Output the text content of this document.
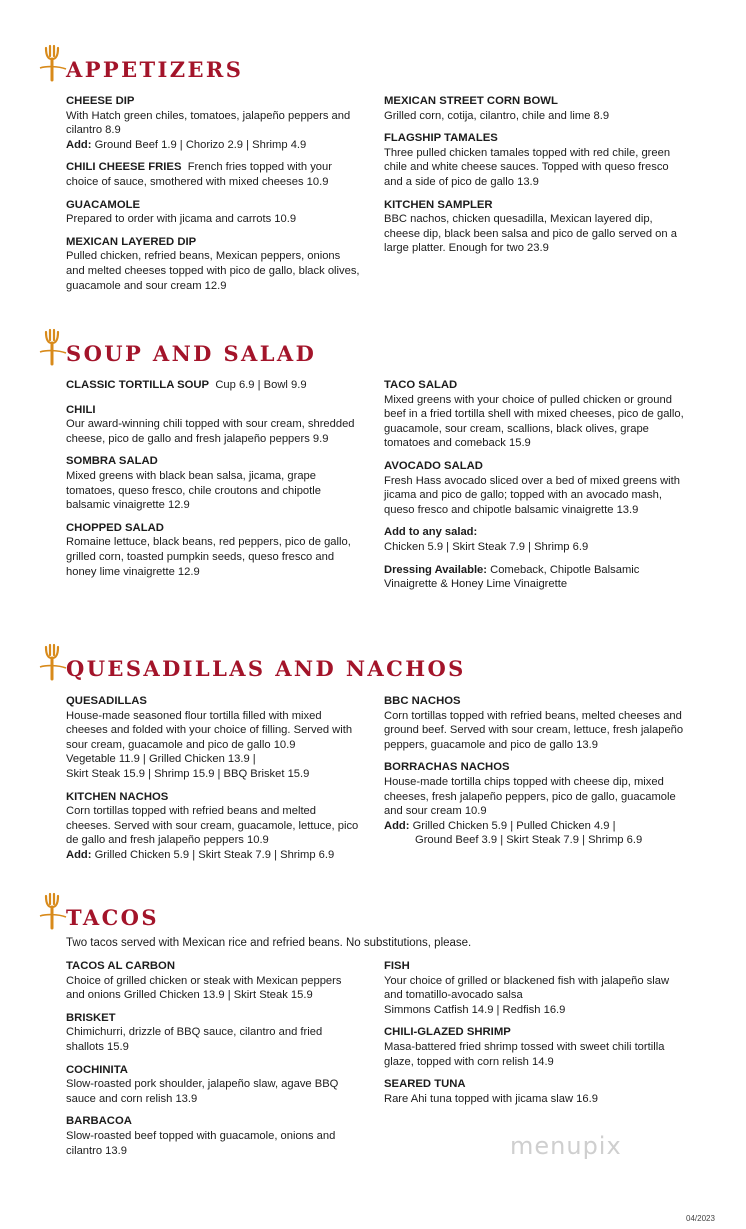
APPETIZERS
CHEESE DIP
With Hatch green chiles, tomatoes, jalapeño peppers and cilantro 8.9
Add: Ground Beef 1.9 | Chorizo 2.9 | Shrimp 4.9
CHILI CHEESE FRIES French fries topped with your choice of sauce, smothered with mixed cheeses 10.9
GUACAMOLE
Prepared to order with jicama and carrots 10.9
MEXICAN LAYERED DIP
Pulled chicken, refried beans, Mexican peppers, onions and melted cheeses topped with pico de gallo, black olives, guacamole and sour cream 12.9
MEXICAN STREET CORN BOWL
Grilled corn, cotija, cilantro, chile and lime 8.9
FLAGSHIP TAMALES
Three pulled chicken tamales topped with red chile, green chile and white cheese sauces. Topped with queso fresco and a side of pico de gallo 13.9
KITCHEN SAMPLER
BBC nachos, chicken quesadilla, Mexican layered dip, cheese dip, black been salsa and pico de gallo served on a large platter. Enough for two 23.9
SOUP AND SALAD
CLASSIC TORTILLA SOUP Cup 6.9 | Bowl 9.9
CHILI
Our award-winning chili topped with sour cream, shredded cheese, pico de gallo and fresh jalapeño peppers 9.9
SOMBRA SALAD
Mixed greens with black bean salsa, jicama, grape tomatoes, queso fresco, chile croutons and chipotle balsamic vinaigrette 12.9
CHOPPED SALAD
Romaine lettuce, black beans, red peppers, pico de gallo, grilled corn, toasted pumpkin seeds, queso fresco and honey lime vinaigrette 12.9
TACO SALAD
Mixed greens with your choice of pulled chicken or ground beef in a fried tortilla shell with mixed cheeses, pico de gallo, guacamole, sour cream, scallions, black olives, grape tomatoes and comeback 15.9
AVOCADO SALAD
Fresh Hass avocado sliced over a bed of mixed greens with jicama and pico de gallo; topped with an avocado mash, queso fresco and chipotle balsamic vinaigrette 13.9
Add to any salad:
Chicken 5.9 | Skirt Steak 7.9 | Shrimp 6.9
Dressing Available: Comeback, Chipotle Balsamic Vinaigrette & Honey Lime Vinaigrette
QUESADILLAS AND NACHOS
QUESADILLAS
House-made seasoned flour tortilla filled with mixed cheeses and folded with your choice of filling. Served with sour cream, guacamole and pico de gallo 10.9
Vegetable 11.9 | Grilled Chicken 13.9 |
Skirt Steak 15.9 | Shrimp 15.9 | BBQ Brisket 15.9
KITCHEN NACHOS
Corn tortillas topped with refried beans and melted cheeses. Served with sour cream, guacamole, lettuce, pico de gallo and fresh jalapeño peppers 10.9
Add: Grilled Chicken 5.9 | Skirt Steak 7.9 | Shrimp 6.9
BBC NACHOS
Corn tortillas topped with refried beans, melted cheeses and ground beef. Served with sour cream, lettuce, fresh jalapeño peppers, guacamole and pico de gallo 13.9
BORRACHAS NACHOS
House-made tortilla chips topped with cheese dip, mixed cheeses, fresh jalapeño peppers, pico de gallo, guacamole and sour cream 10.9
Add: Grilled Chicken 5.9 | Pulled Chicken 4.9 |
Ground Beef 3.9 | Skirt Steak 7.9 | Shrimp 6.9
TACOS
Two tacos served with Mexican rice and refried beans. No substitutions, please.
TACOS AL CARBON
Choice of grilled chicken or steak with Mexican peppers and onions Grilled Chicken 13.9 | Skirt Steak 15.9
BRISKET
Chimichurri, drizzle of BBQ sauce, cilantro and fried shallots 15.9
COCHINITA
Slow-roasted pork shoulder, jalapeño slaw, agave BBQ sauce and corn relish 13.9
BARBACOA
Slow-roasted beef topped with guacamole, onions and cilantro 13.9
FISH
Your choice of grilled or blackened fish with jalapeño slaw and tomatillo-avocado salsa
Simmons Catfish 14.9 | Redfish 16.9
CHILI-GLAZED SHRIMP
Masa-battered fried shrimp tossed with sweet chili tortilla glaze, topped with corn relish 14.9
SEARED TUNA
Rare Ahi tuna topped with jicama slaw 16.9
menupix
04/2023
